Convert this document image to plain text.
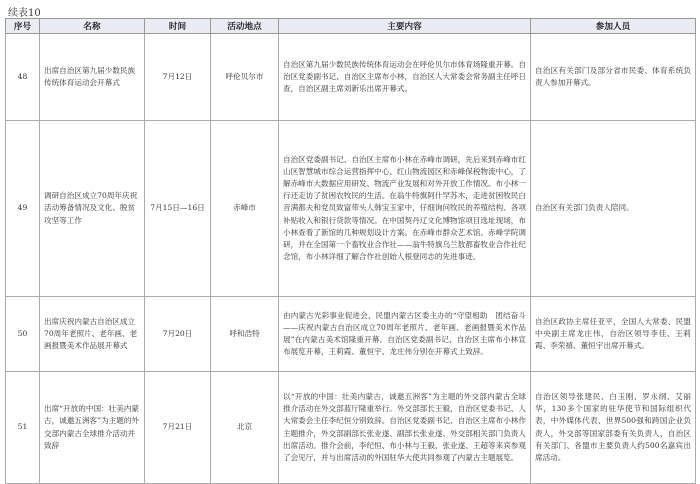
续表10
序号	名称	时间	活动地点	主要内容	参加人员
48	出席自治区第九届少数民族传统体育运动会开幕式	7月12日	呼伦贝尔市	自治区第九届少数民族传统体育运动会在呼伦贝尔市体育场隆重开幕。自治区党委副书记、自治区主席布小林，自治区人大常委会常务副主任呼日查，自治区副主席刘新乐出席开幕式。	自治区有关部门及部分省市民委、体育系统负责人参加开幕式。
49	调研自治区成立70周年庆祝活动筹备情况及文化、脱贫攻坚等工作	7月15日—16日	赤峰市	自治区党委副书记、自治区主席布小林在赤峰市调研，先后来到赤峰市红山区智慧城市综合运营指挥中心、红山物流园区和赤峰保税物流中心，了解赤峰市大数据应用研发、物流产业发展和对外开放工作情况。布小林一行还走访了贫困农牧民的生活。在翁牛特旗阿什罕苏木，走进贫困牧民白音满都夫和党员致富带头人韩宝玉家中，仔细询问牧民的养殖结构、各项补贴收入和银行贷款等情况。在中国契丹辽文化博物馆项目选址现场，布小林查看了新馆的几种规划设计方案。在赤峰市群众艺术馆、赤峰学院调研，并在全国第一个畜牧业合作社——翁牛特旗乌兰敖都畜牧业合作社纪念馆，布小林详细了解合作社创始人根登同志的先进事迹。	自治区有关部门负责人陪同。
50	出席庆祝内蒙古自治区成立70周年老照片、老年画、老画报暨美术作品展开幕式	7月20日	呼和浩特	由内蒙古光彩事业促进会、民盟内蒙古区委主办的“守望相助　团结奋斗——庆祝内蒙古自治区成立70周年老照片、老年画、老画报暨美术作品展”在内蒙古美术馆隆重开幕。自治区党委副书记、自治区主席布小林宣布展览开幕，王莉霞、董恒宇、龙庄伟分别在开幕式上致辞。	自治区政协主席任亚平，全国人大常委、民盟中央副主席龙庄伟，自治区领导李佳、王莉霞、李荣禧、董恒宇出席开幕式。
51	出席“开放的中国：壮美内蒙古，诚邀五洲客”为主题的外交部内蒙古全球推介活动并致辞	7月21日	北京	以“开放的中国：壮美内蒙古，诚邀五洲客”为主题的外交部内蒙古全球推介活动在外交部蓝厅隆重举行。外交部部长王毅，自治区党委书记、人大常委会主任李纪恒分别致辞。自治区党委副书记、自治区主席布小林作主题推介，外交部副部长张业遂、副部长张业遂、外交部相关部门负责人出席活动。推介会前，李纪恒、布小林与王毅、张业遂、王超等来宾参观了会见厅，并与出席活动的外国驻华大使共同参观了内蒙古主题展览。	自治区领导张建民、白玉刚、罗永纲、艾丽华，130多个国家的驻华使节和国际组织代表，中外媒体代表、世界500强和跨国企业负责人，外交部等国家部委有关负责人，自治区有关部门、各盟市主要负责人约500名嘉宾出席活动。
